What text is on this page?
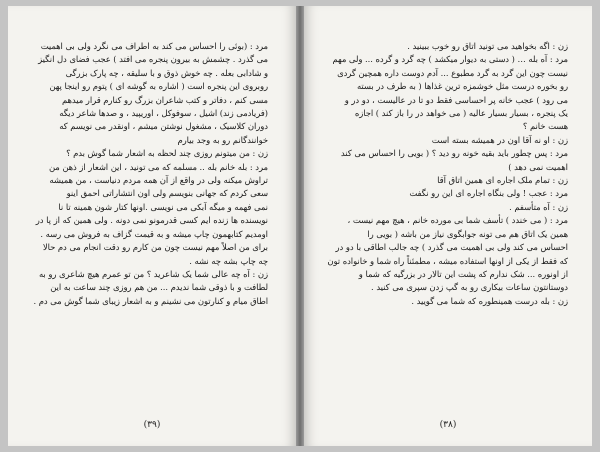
مرد : (بوئی را احساس می کند به اطراف می نگرد ولی بی اهمیت
می گذرد . چشمش به بیرون پنجره می افتد ) عجب فضای دل انگیز
و شادابی بعله . چه خوش ذوق و با سلیقه ، چه پارک بزرگی
روبروی این پنجره است ( اشاره به گوشه ای ) پتوم رو اینجا پهن
مسی کنم ، دفاتر و کتب شاعران بزرگ رو کنارم قرار میدهم
(فریادمی زند) اشیل ، سوفوکل ، اوریپید ، و صدها شاعر دیگه
دوران کلاسیک ، مشغول نوشتن میشم ، اونقدر می نویسم که
خوانندگانم رو به وجد بیارم
زن : من میتونم روزی چند لحظه به اشعار شما گوش بدم ؟
مرد : بله خانم بله .. مسلمه که می تونید ، این اشعار از ذهن من
تراوش میکنه ولی در واقع از آن همه مردم دنیاست ، من همیشه
سعی کردم که جهانی بنویسم ولی اون انتشاراتی احمق اینو
نمی فهمه و میگه آبکی می نویسی .اونها کتار شون همینه تا نا
نویسنده ها زنده ایم کسی قدرمونو نمی دونه . ولی همین که از پا در
اومدیم کتابهمون چاپ میشه و به قیمت گزاف به فروش می رسه .
برای من اصلاً مهم نیست چون من کارم رو دقت انجام می دم حالا
چه چاپ بشه چه نشه .
زن : آه چه عالی شما یک شاعرید ؟ من تو عمرم هیچ شاعری رو به
لطافت و با ذوقی شما ندیدم ... من هم روزی چند ساعت به این
اطاق میام و کنارتون می نشینم و به اشعار زیبای شما گوش می دم .
(۳۹)
زن : اگه بخواهید می تونید اتاق رو خوب ببینید .
مرد : آه بله … ( دستی به دیوار میکشد ) چه گرد و گرده ... ولی مهم
نیست چون این گرد به گرد مطبوع ... آدم دوست داره همچین گردی
رو بخوره درست مثل خوشمزه ترین غذاها ( به طرف در بسته
می رود ) عجب خانه پر احساسی فقط دو تا در عالیست ، دو در و
یک پنجره ، بسیار بسیار عالیه ( می خواهد در را باز کند ) اجازه
هست خانم ؟
زن : او نه آقا اون در همیشه بسته است
مرد : پس چطور باید بقیه خونه رو دید ؟ ( بویی را احساس می کند
اهمیت نمی دهد )
زن : تمام ملک اجاره ای همین اتاق آقا
مرد : عجب ! ولی بنگاه اجاره ای این رو نگفت
زن : آه متأسفم .
مرد : ( می خندد ) تأسف شما بی مورده خانم ، هیچ مهم نیست ،
همین یک اتاق هم می تونه جوابگوی نیاز من باشه ( بویی را
احساس می کند ولی بی اهمیت می گذرد ) چه جالب اطاقی با دو در
که فقط از یکی از اونها استفاده میشه ، مطمئناً راه شما و خانواده تون
از اونوره ... شک ندارم که پشت این تالار در بزرگیه که شما و
دوستانتون ساعات بیکاری رو به گپ زدن سپری می کنید .
زن : بله درست همینطوره که شما می گویید .
(۳۸)
